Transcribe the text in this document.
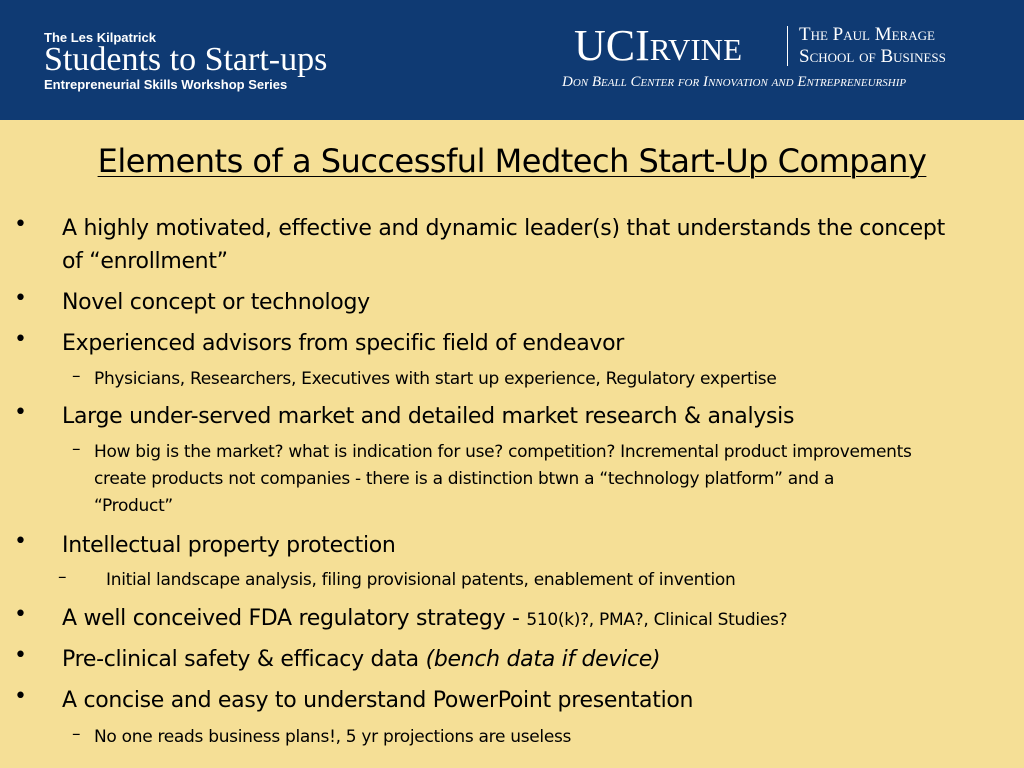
The Les Kilpatrick
Students to Start-ups
Entrepreneurial Skills Workshop Series
UCIrvine	The Paul Merage
School of Business
Don Beall Center for Innovation and Entrepreneurship
Elements of a Successful Medtech Start-Up Company
• A highly motivated, effective and dynamic leader(s) that understands the concept
of “enrollment”
• Novel concept or technology
• Experienced advisors from specific field of endeavor
– Physicians, Researchers, Executives with start up experience, Regulatory expertise
• Large under-served market and detailed market research & analysis
– How big is the market? what is indication for use? competition? Incremental product improvements
create products not companies - there is a distinction btwn a “technology platform” and a
“Product”
• Intellectual property protection
– Initial landscape analysis, filing provisional patents, enablement of invention
• A well conceived FDA regulatory strategy - 510(k)?, PMA?, Clinical Studies?
• Pre-clinical safety & efficacy data (bench data if device)
• A concise and easy to understand PowerPoint presentation
– No one reads business plans!, 5 yr projections are useless
